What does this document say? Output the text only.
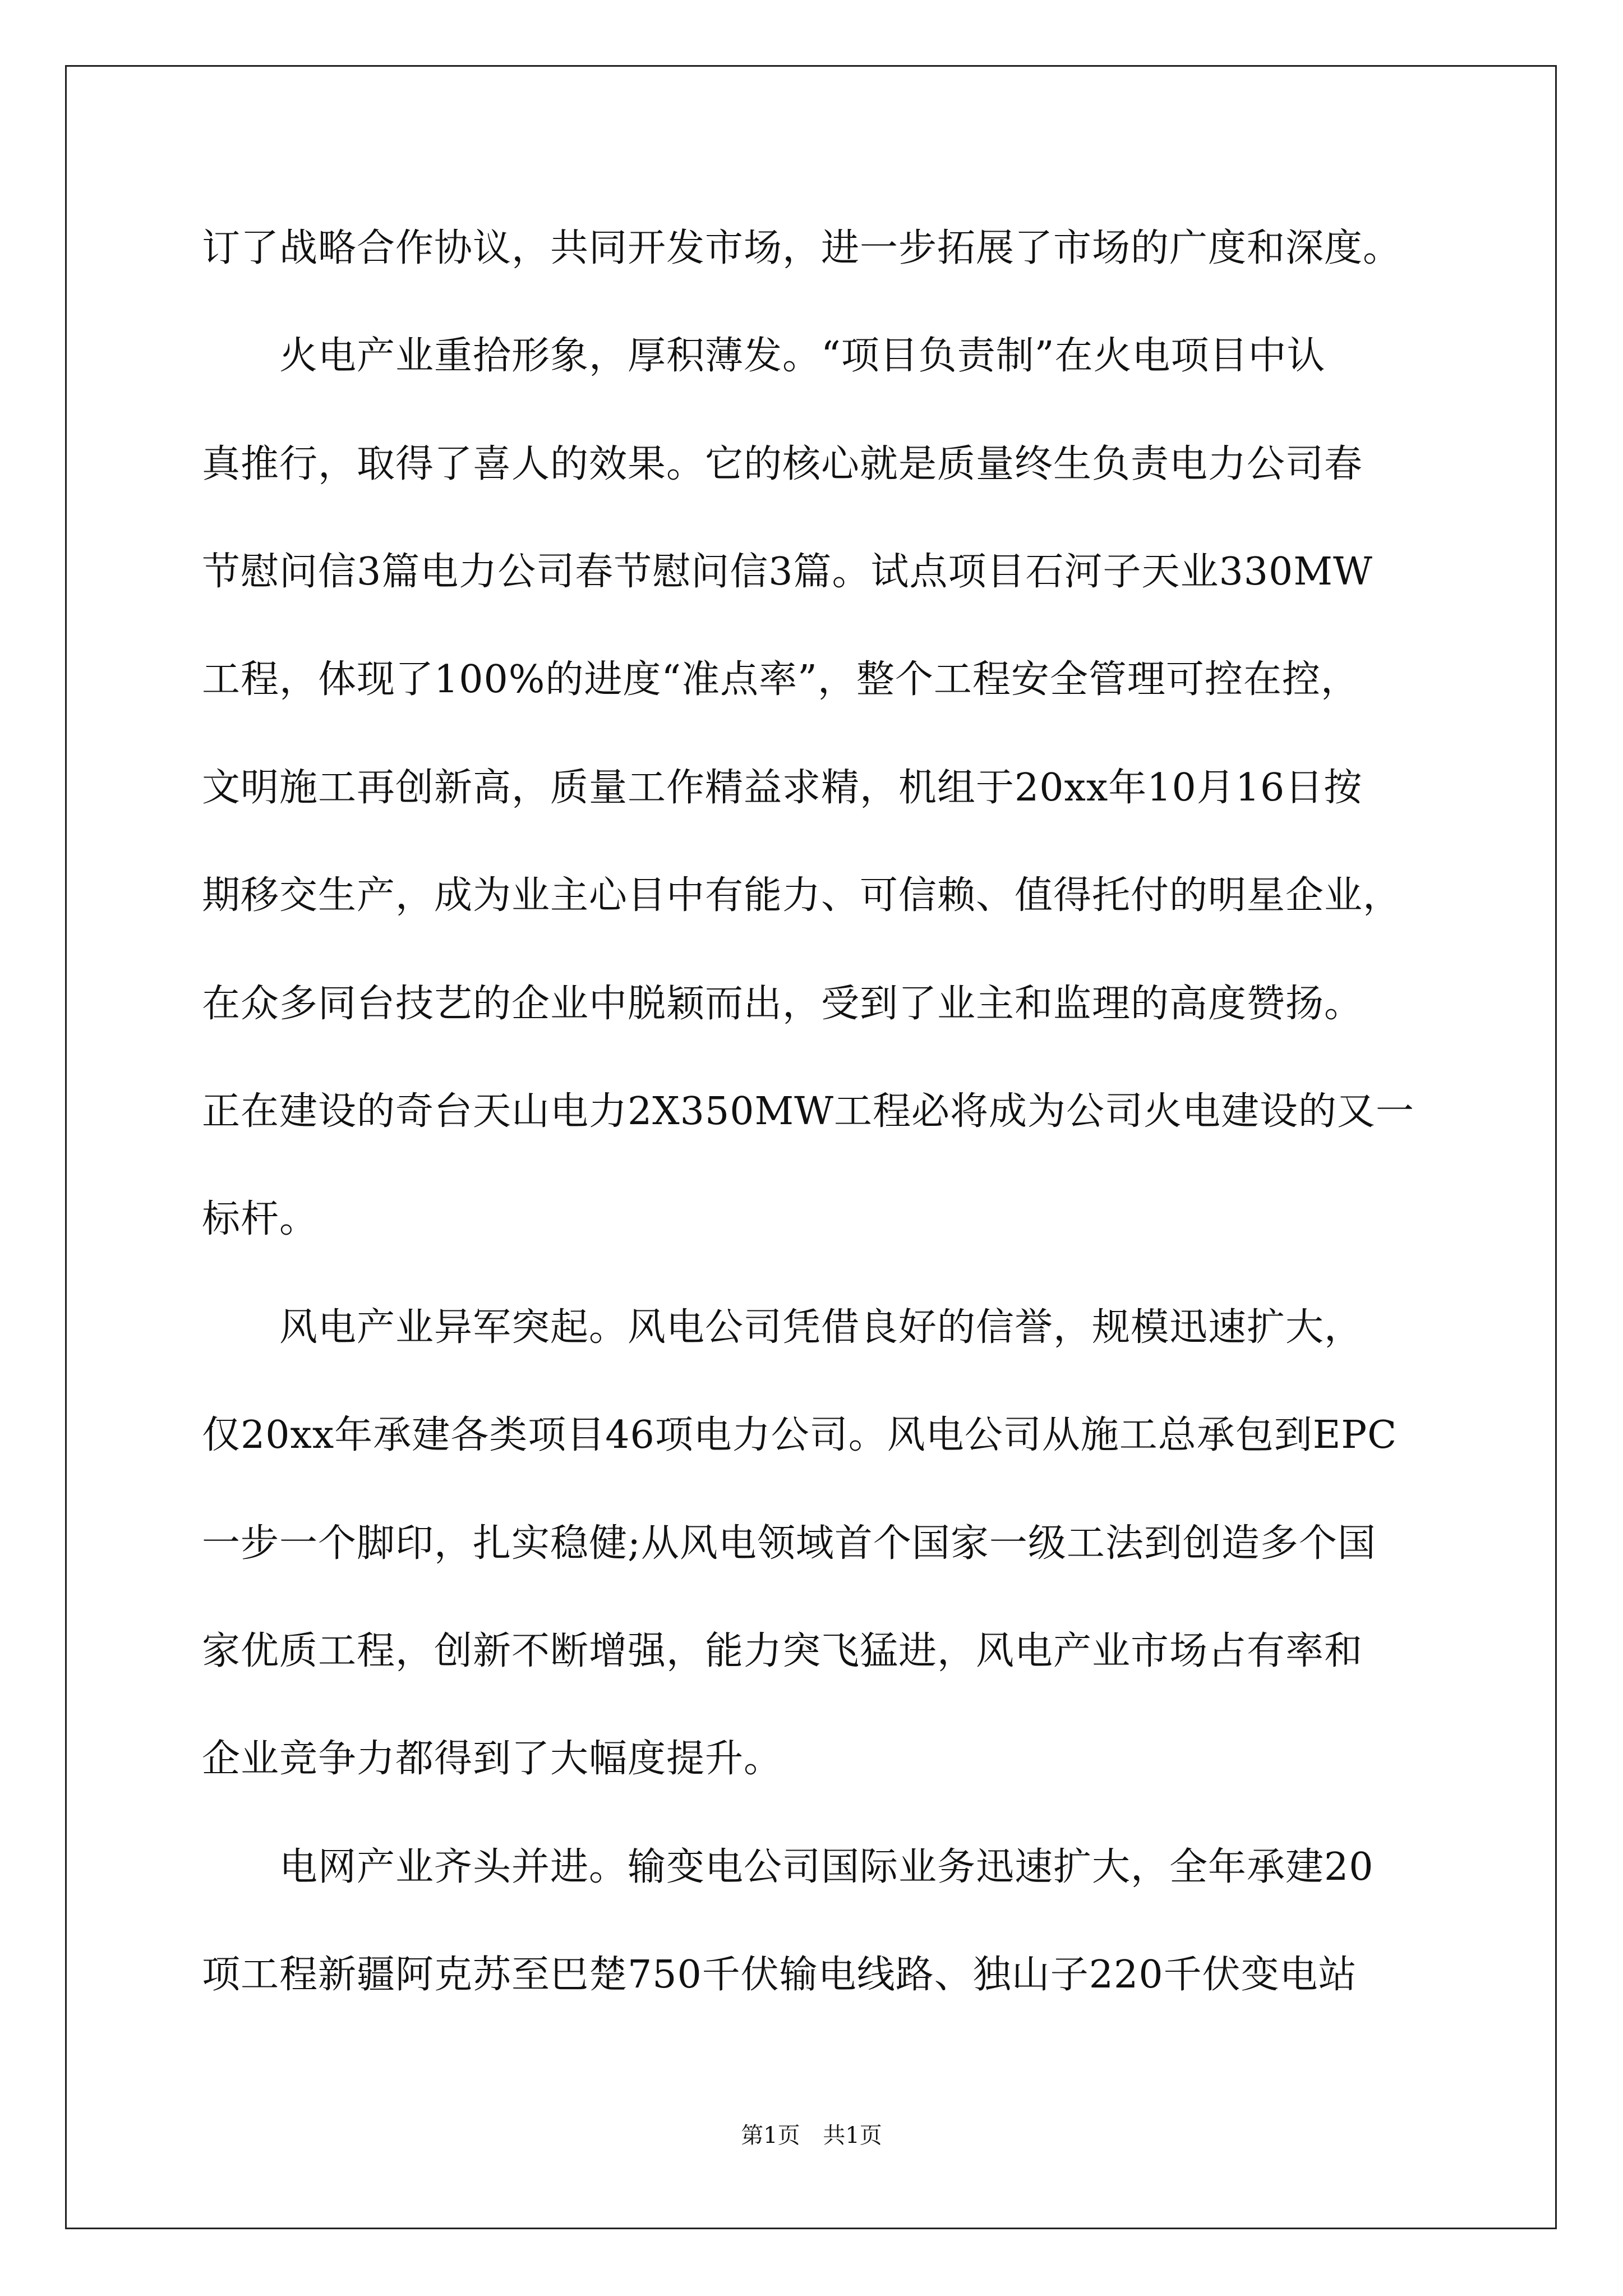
订了战略合作协议，共同开发市场，进一步拓展了市场的广度和深度。
　　火电产业重拾形象，厚积薄发。“项目负责制”在火电项目中认
真推行，取得了喜人的效果。它的核心就是质量终生负责电力公司春
节慰问信3篇电力公司春节慰问信3篇。试点项目石河子天业330MW
工程，体现了100%的进度“准点率”，整个工程安全管理可控在控，
文明施工再创新高，质量工作精益求精，机组于20xx年10月16日按
期移交生产，成为业主心目中有能力、可信赖、值得托付的明星企业，
在众多同台技艺的企业中脱颖而出，受到了业主和监理的高度赞扬。
正在建设的奇台天山电力2X350MW工程必将成为公司火电建设的又一
标杆。
　　风电产业异军突起。风电公司凭借良好的信誉，规模迅速扩大，
仅20xx年承建各类项目46项电力公司。风电公司从施工总承包到EPC
一步一个脚印，扎实稳健;从风电领域首个国家一级工法到创造多个国
家优质工程，创新不断增强，能力突飞猛进，风电产业市场占有率和
企业竞争力都得到了大幅度提升。
　　电网产业齐头并进。输变电公司国际业务迅速扩大，全年承建20
项工程新疆阿克苏至巴楚750千伏输电线路、独山子220千伏变电站
第1页 共1页
